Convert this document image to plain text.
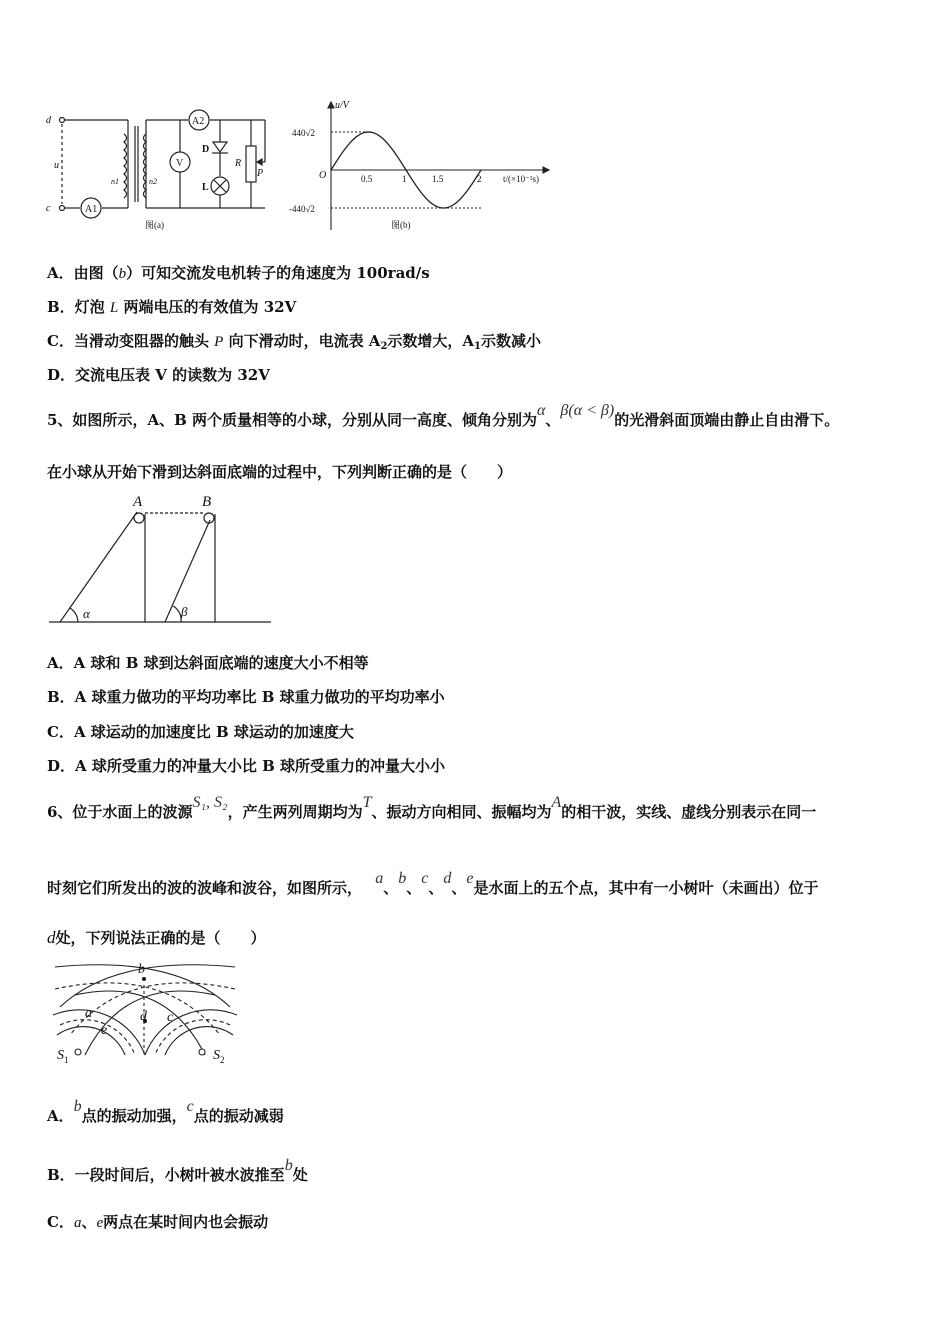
d
c
u
n1	n2
A1
A2
V
D
L
R
P
图(a)
u/V
t/(×10⁻²s)
440√2
-440√2
O	0.5	1	1.5	2
图(b)
A．由图（b）可知交流发电机转子的角速度为 100rad/s
B．灯泡 L 两端电压的有效值为 32V
C．当滑动变阻器的触头 P 向下滑动时，电流表 $A_2$示数增大，$A_1$示数减小
D．交流电压表 V 的读数为 32V
5、如图所示，A、B 两个质量相等的小球，分别从同一高度、倾角分别为α、β(α < β)的光滑斜面顶端由静止自由滑下。
在小球从开始下滑到达斜面底端的过程中，下列判断正确的是（　　）
A	B
α	β
A．A 球和 B 球到达斜面底端的速度大小不相等
B．A 球重力做功的平均功率比 B 球重力做功的平均功率小
C．A 球运动的加速度比 B 球运动的加速度大
D．A 球所受重力的冲量大小比 B 球所受重力的冲量大小小
6、位于水面上的波源S₁, S₂，产生两列周期均为T、振动方向相同、振幅均为A的相干波，实线、虚线分别表示在同一
时刻它们所发出的波的波峰和波谷，如图所示， a、b、c、d、e是水面上的五个点，其中有一小树叶（未画出）位于
d处，下列说法正确的是（　　）
b
a	d c
e
$S_1$	$S_2$
A．b点的振动加强，c点的振动减弱
B．一段时间后，小树叶被水波推至b处
C．a、e两点在某时间内也会振动
